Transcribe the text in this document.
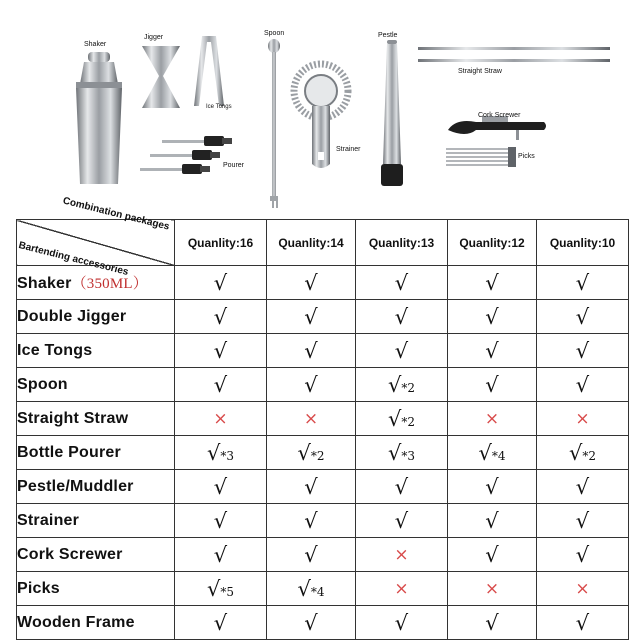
Shaker
Jigger
Ice Tongs
Pourer
Spoon
Strainer
Pestle
Straight Straw
Cork Screwer
Picks
Combination packages
Bartending accessories	Quanlity:16	Quanlity:14	Quanlity:13	Quanlity:12	Quanlity:10
Shaker（350ML）	√	√	√	√	√
Double Jigger	√	√	√	√	√
Ice Tongs	√	√	√	√	√
Spoon	√	√	√*2	√	√
Straight Straw	×	×	√*2	×	×
Bottle Pourer	√*3	√*2	√*3	√*4	√*2
Pestle/Muddler	√	√	√	√	√
Strainer	√	√	√	√	√
Cork Screwer	√	√	×	√	√
Picks	√*5	√*4	×	×	×
Wooden Frame	√	√	√	√	√
